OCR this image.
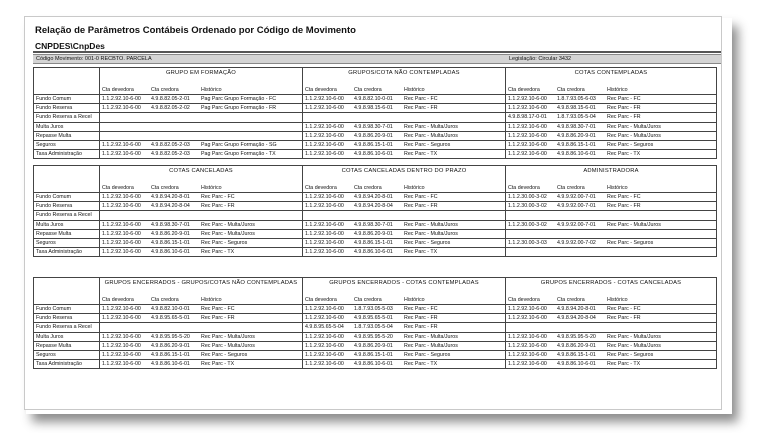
Relação de Parâmetros Contábeis Ordenado por Código de Movimento
CNPDES\CnpDes
Código Movimento: 001-0 RECBTO. PARCELA	Legislação: Circular 3432
	GRUPO EM FORMAÇÃO	GRUPOS/COTA NÃO CONTEMPLADAS	COTAS CONTEMPLADAS

	Cta devedora Cta credora Histórico	Cta devedora Cta credora Histórico	Cta devedora Cta credora Histórico

Fundo Comum	1.1.2.92.10-6-00 4.9.8.82.05-2-01 Pag Parc Grupo Formação - FC	1.1.2.92.10-6-00 4.9.8.82.10-0-01 Rec Parc - FC	1.1.2.92.10-6-00 1.8.7.93.05-6-03 Rec Parc - FC

Fundo Reserva	1.1.2.92.10-6-00 4.9.8.82.05-2-02 Pag Parc Grupo Formação - FR	1.1.2.92.10-6-00 4.9.8.98.15-6-01 Rec Parc - FR	1.1.2.92.10-6-00 4.9.8.98.15-6-01 Rec Parc - FR

Fundo Reserva a Recel			4.9.8.98.17-0-01 1.8.7.93.05-5-04 Rec Parc - FR

Multa Juros		1.1.2.92.10-6-00 4.9.8.98.30-7-01 Rec Parc - Multa/Juros	1.1.2.92.10-6-00 4.9.8.98.30-7-01 Rec Parc - Multa/Juros

Repasse Multa		1.1.2.92.10-6-00 4.9.8.86.20-9-01 Rec Parc - Multa/Juros	1.1.2.92.10-6-00 4.9.8.86.20-9-01 Rec Parc - Multa/Juros

Seguros	1.1.2.92.10-6-00 4.9.8.82.05-2-03 Pag Parc Grupo Formação - SG	1.1.2.92.10-6-00 4.9.8.86.15-1-01 Rec Parc - Seguros	1.1.2.92.10-6-00 4.9.8.86.15-1-01 Rec Parc - Seguros

Taxa Administração	1.1.2.92.10-6-00 4.9.8.82.05-2-03 Pag Parc Grupo Formação - TX	1.1.2.92.10-6-00 4.9.8.86.10-6-01 Rec Parc - TX	1.1.2.92.10-6-00 4.9.8.86.10-6-01 Rec Parc - TX
	COTAS CANCELADAS	COTAS CANCELADAS DENTRO DO PRAZO	ADMINISTRADORA

	Cta devedora Cta credora Histórico	Cta devedora Cta credora Histórico	Cta devedora Cta credora Histórico

Fundo Comum	1.1.2.92.10-6-00 4.9.8.94.20-8-01 Rec Parc - FC	1.1.2.92.10-6-00 4.9.8.94.20-8-01 Rec Parc - FC	1.1.2.30.00-3-02 4.9.9.92.00-7-01 Rec Parc - FC

Fundo Reserva	1.1.2.92.10-6-00 4.9.8.94.20-8-04 Rec Parc - FR	1.1.2.92.10-6-00 4.9.8.94.20-8-04 Rec Parc - FR	1.1.2.30.00-3-02 4.9.9.92.00-7-01 Rec Parc - FR

Fundo Reserva a Recel	

Multa Juros	1.1.2.92.10-6-00 4.9.8.98.30-7-01 Rec Parc - Multa/Juros	1.1.2.92.10-6-00 4.9.8.98.30-7-01 Rec Parc - Multa/Juros	1.1.2.30.00-3-02 4.9.9.92.00-7-01 Rec Parc - Multa/Juros

Repasse Multa	1.1.2.92.10-6-00 4.9.8.86.20-9-01 Rec Parc - Multa/Juros	1.1.2.92.10-6-00 4.9.8.86.20-9-01 Rec Parc - Multa/Juros	

Seguros	1.1.2.92.10-6-00 4.9.8.86.15-1-01 Rec Parc - Seguros	1.1.2.92.10-6-00 4.9.8.86.15-1-01 Rec Parc - Seguros	1.1.2.30.00-3-03 4.9.9.92.00-7-02 Rec Parc - Seguros

Taxa Administração	1.1.2.92.10-6-00 4.9.8.86.10-6-01 Rec Parc - TX	1.1.2.92.10-6-00 4.9.8.86.10-6-01 Rec Parc - TX	

	GRUPOS ENCERRADOS - GRUPOS/COTAS NÃO CONTEMPLADAS	GRUPOS ENCERRADOS - COTAS CONTEMPLADAS	GRUPOS ENCERRADOS - COTAS CANCELADAS

	Cta devedora Cta credora Histórico	Cta devedora Cta credora Histórico	Cta devedora Cta credora Histórico

Fundo Comum	1.1.2.92.10-6-00 4.9.8.82.10-0-01 Rec Parc - FC	1.1.2.92.10-6-00 1.8.7.93.05-5-03 Rec Parc - FC	1.1.2.92.10-6-00 4.9.8.94.20-8-01 Rec Parc - FC

Fundo Reserva	1.1.2.92.10-6-00 4.9.8.95.65-5-01 Rec Parc - FR	1.1.2.92.10-6-00 4.9.8.95.65-5-01 Rec Parc - FR	1.1.2.92.10-6-00 4.9.8.94.20-8-04 Rec Parc - FR

Fundo Reserva a Recel		4.9.8.95.65-5-04 1.8.7.93.05-5-04 Rec Parc - FR	

Multa Juros	1.1.2.92.10-6-00 4.9.8.95.95-5-20 Rec Parc - Multa/Juros	1.1.2.92.10-6-00 4.9.8.95.95-5-20 Rec Parc - Multa/Juros	1.1.2.92.10-6-00 4.9.8.95.95-5-20 Rec Parc - Multa/Juros

Repasse Multa	1.1.2.92.10-6-00 4.9.8.86.20-9-01 Rec Parc - Multa/Juros	1.1.2.92.10-6-00 4.9.8.86.20-9-01 Rec Parc - Multa/Juros	1.1.2.92.10-6-00 4.9.8.86.20-9-01 Rec Parc - Multa/Juros

Seguros	1.1.2.92.10-6-00 4.9.8.86.15-1-01 Rec Parc - Seguros	1.1.2.92.10-6-00 4.9.8.86.15-1-01 Rec Parc - Seguros	1.1.2.92.10-6-00 4.9.8.86.15-1-01 Rec Parc - Seguros

Taxa Administração	1.1.2.92.10-6-00 4.9.8.86.10-6-01 Rec Parc - TX	1.1.2.92.10-6-00 4.9.8.86.10-6-01 Rec Parc - TX	1.1.2.92.10-6-00 4.9.8.86.10-6-01 Rec Parc - TX
